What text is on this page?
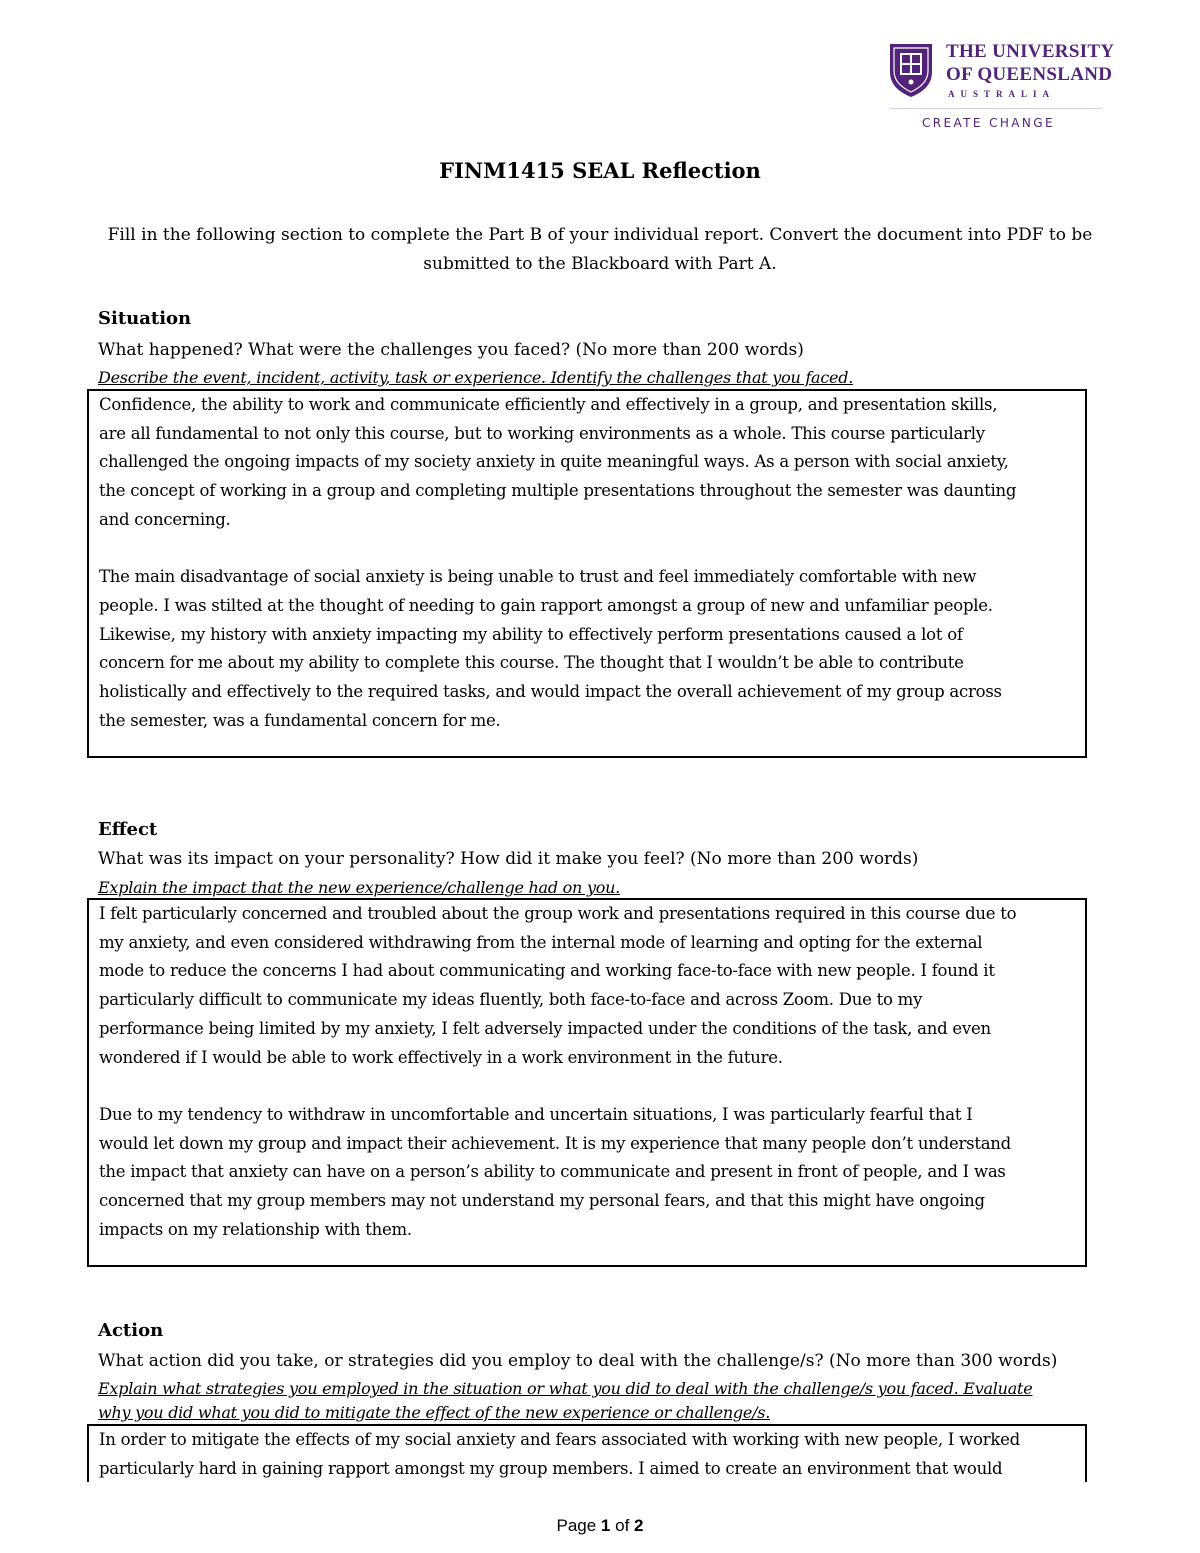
THE UNIVERSITY
OF QUEENSLAND
AUSTRALIA
CREATE CHANGE
FINM1415 SEAL Reflection

Fill in the following section to complete the Part B of your individual report. Convert the document into PDF to be

submitted to the Blackboard with Part A.

Situation
What happened? What were the challenges you faced? (No more than 200 words)

Describe the event, incident, activity, task or experience. Identify the challenges that you faced.

Confidence, the ability to work and communicate efficiently and effectively in a group, and presentation skills,

are all fundamental to not only this course, but to working environments as a whole. This course particularly

challenged the ongoing impacts of my society anxiety in quite meaningful ways. As a person with social anxiety,

the concept of working in a group and completing multiple presentations throughout the semester was daunting

and concerning.

The main disadvantage of social anxiety is being unable to trust and feel immediately comfortable with new

people. I was stilted at the thought of needing to gain rapport amongst a group of new and unfamiliar people.

Likewise, my history with anxiety impacting my ability to effectively perform presentations caused a lot of

concern for me about my ability to complete this course. The thought that I wouldn’t be able to contribute

holistically and effectively to the required tasks, and would impact the overall achievement of my group across

the semester, was a fundamental concern for me.

Effect
What was its impact on your personality? How did it make you feel? (No more than 200 words)

Explain the impact that the new experience/challenge had on you.

I felt particularly concerned and troubled about the group work and presentations required in this course due to

my anxiety, and even considered withdrawing from the internal mode of learning and opting for the external

mode to reduce the concerns I had about communicating and working face-to-face with new people. I found it

particularly difficult to communicate my ideas fluently, both face-to-face and across Zoom. Due to my

performance being limited by my anxiety, I felt adversely impacted under the conditions of the task, and even

wondered if I would be able to work effectively in a work environment in the future.

Due to my tendency to withdraw in uncomfortable and uncertain situations, I was particularly fearful that I

would let down my group and impact their achievement. It is my experience that many people don’t understand

the impact that anxiety can have on a person’s ability to communicate and present in front of people, and I was

concerned that my group members may not understand my personal fears, and that this might have ongoing

impacts on my relationship with them.

Action
What action did you take, or strategies did you employ to deal with the challenge/s? (No more than 300 words)

Explain what strategies you employed in the situation or what you did to deal with the challenge/s you faced. Evaluate

why you did what you did to mitigate the effect of the new experience or challenge/s.

In order to mitigate the effects of my social anxiety and fears associated with working with new people, I worked

particularly hard in gaining rapport amongst my group members. I aimed to create an environment that would

Page 1 of 2
